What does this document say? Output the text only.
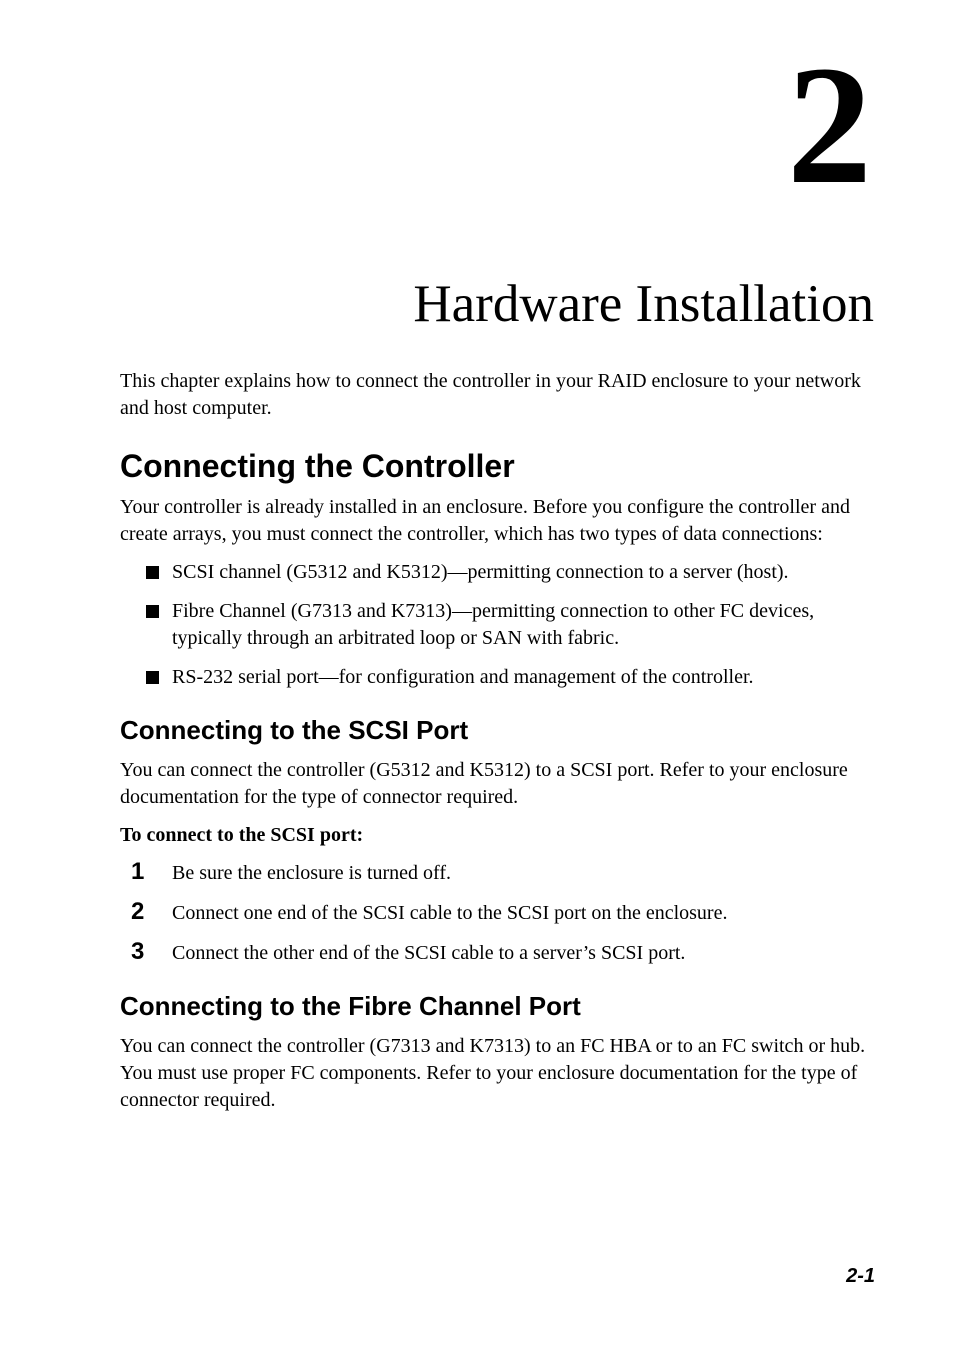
2
Hardware Installation

This chapter explains how to connect the controller in your RAID enclosure to your network and host computer.

Connecting the Controller

Your controller is already installed in an enclosure. Before you configure the controller and create arrays, you must connect the controller, which has two types of data connections:

SCSI channel (G5312 and K5312)—permitting connection to a server (host).
Fibre Channel (G7313 and K7313)—permitting connection to other FC devices, typically through an arbitrated loop or SAN with fabric.
RS-232 serial port—for configuration and management of the controller.
Connecting to the SCSI Port

You can connect the controller (G5312 and K5312) to a SCSI port. Refer to your enclosure documentation for the type of connector required.

To connect to the SCSI port:
1 Be sure the enclosure is turned off.
2 Connect one end of the SCSI cable to the SCSI port on the enclosure.
3 Connect the other end of the SCSI cable to a server’s SCSI port.
Connecting to the Fibre Channel Port

You can connect the controller (G7313 and K7313) to an FC HBA or to an FC switch or hub. You must use proper FC components. Refer to your enclosure documentation for the type of connector required.

2-1
